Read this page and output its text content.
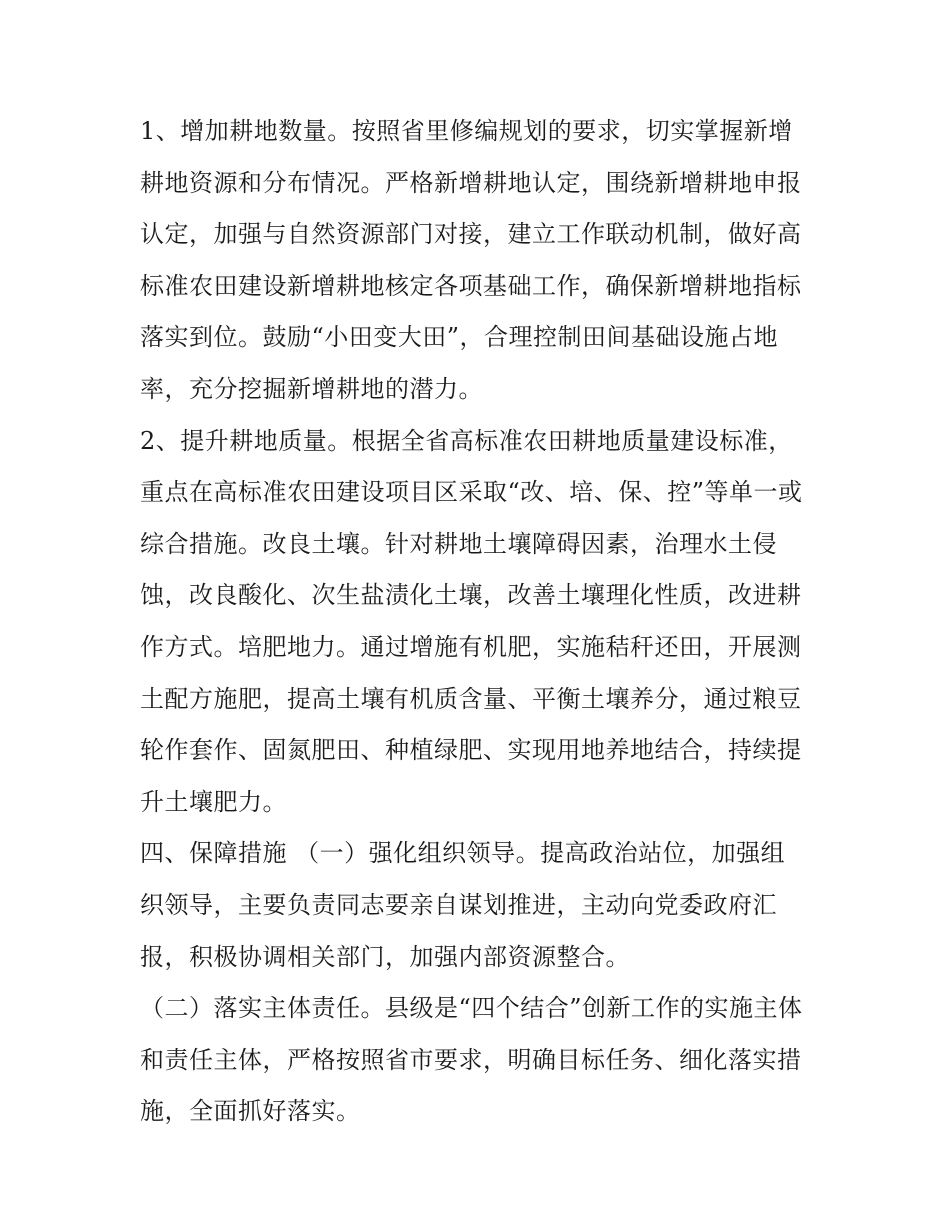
1、增加耕地数量。按照省里修编规划的要求，切实掌握新增
耕地资源和分布情况。严格新增耕地认定，围绕新增耕地申报
认定，加强与自然资源部门对接，建立工作联动机制，做好高
标准农田建设新增耕地核定各项基础工作，确保新增耕地指标
落实到位。鼓励“小田变大田”，合理控制田间基础设施占地
率，充分挖掘新增耕地的潜力。
2、提升耕地质量。根据全省高标准农田耕地质量建设标准，
重点在高标准农田建设项目区采取“改、培、保、控”等单一或
综合措施。改良土壤。针对耕地土壤障碍因素，治理水土侵
蚀，改良酸化、次生盐渍化土壤，改善土壤理化性质，改进耕
作方式。培肥地力。通过增施有机肥，实施秸秆还田，开展测
土配方施肥，提高土壤有机质含量、平衡土壤养分，通过粮豆
轮作套作、固氮肥田、种植绿肥、实现用地养地结合，持续提
升土壤肥力。
四、保障措施 （一）强化组织领导。提高政治站位，加强组
织领导，主要负责同志要亲自谋划推进，主动向党委政府汇
报，积极协调相关部门，加强内部资源整合。
（二）落实主体责任。县级是“四个结合”创新工作的实施主体
和责任主体，严格按照省市要求，明确目标任务、细化落实措
施，全面抓好落实。
